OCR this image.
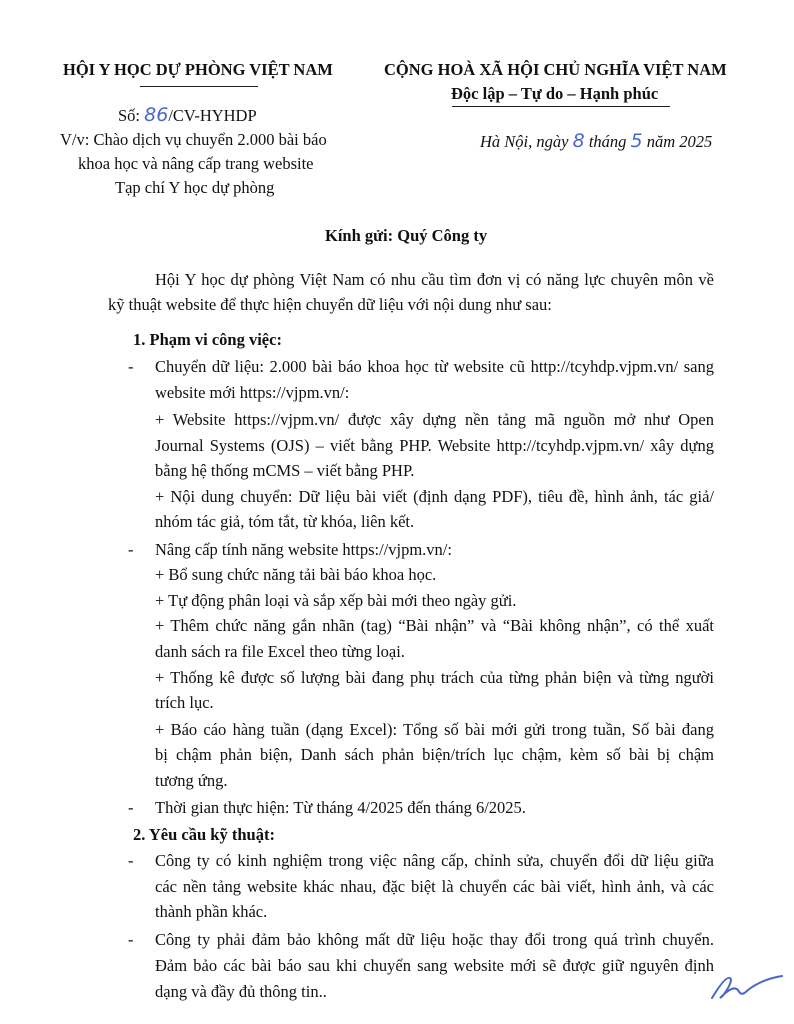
HỘI Y HỌC DỰ PHÒNG VIỆT NAM
Số: 86/CV-HYHDP
V/v: Chào dịch vụ chuyển 2.000 bài báo
khoa học và nâng cấp trang website
Tạp chí Y học dự phòng
CỘNG HOÀ XÃ HỘI CHỦ NGHĨA VIỆT NAM
Độc lập – Tự do – Hạnh phúc
Hà Nội, ngày 8 tháng 5 năm 2025
Kính gửi: Quý Công ty
Hội Y học dự phòng Việt Nam có nhu cầu tìm đơn vị có năng lực chuyên môn về
kỹ thuật website để thực hiện chuyển dữ liệu với nội dung như sau:
1. Phạm vi công việc:
- Chuyển dữ liệu: 2.000 bài báo khoa học từ website cũ http://tcyhdp.vjpm.vn/ sang
website mới https://vjpm.vn/:
+ Website https://vjpm.vn/ được xây dựng nền tảng mã nguồn mở như Open
Journal Systems (OJS) – viết bằng PHP. Website http://tcyhdp.vjpm.vn/ xây dựng
bằng hệ thống mCMS – viết bằng PHP.
+ Nội dung chuyển: Dữ liệu bài viết (định dạng PDF), tiêu đề, hình ảnh, tác giả/
nhóm tác giả, tóm tắt, từ khóa, liên kết.
- Nâng cấp tính năng website https://vjpm.vn/:
+ Bổ sung chức năng tải bài báo khoa học.
+ Tự động phân loại và sắp xếp bài mới theo ngày gửi.
+ Thêm chức năng gắn nhãn (tag) “Bài nhận” và “Bài không nhận”, có thể xuất
danh sách ra file Excel theo từng loại.
+ Thống kê được số lượng bài đang phụ trách của từng phản biện và từng người
trích lục.
+ Báo cáo hàng tuần (dạng Excel): Tổng số bài mới gửi trong tuần, Số bài đang
bị chậm phản biện, Danh sách phản biện/trích lục chậm, kèm số bài bị chậm
tương ứng.
- Thời gian thực hiện: Từ tháng 4/2025 đến tháng 6/2025.
- Công ty có kinh nghiệm trong việc nâng cấp, chỉnh sửa, chuyển đổi dữ liệu giữa
các nền tảng website khác nhau, đặc biệt là chuyển các bài viết, hình ảnh, và các
thành phần khác.
- Công ty phải đảm bảo không mất dữ liệu hoặc thay đổi trong quá trình chuyển.
Đảm bảo các bài báo sau khi chuyển sang website mới sẽ được giữ nguyên định
dạng và đầy đủ thông tin..
2. Yêu cầu kỹ thuật:
